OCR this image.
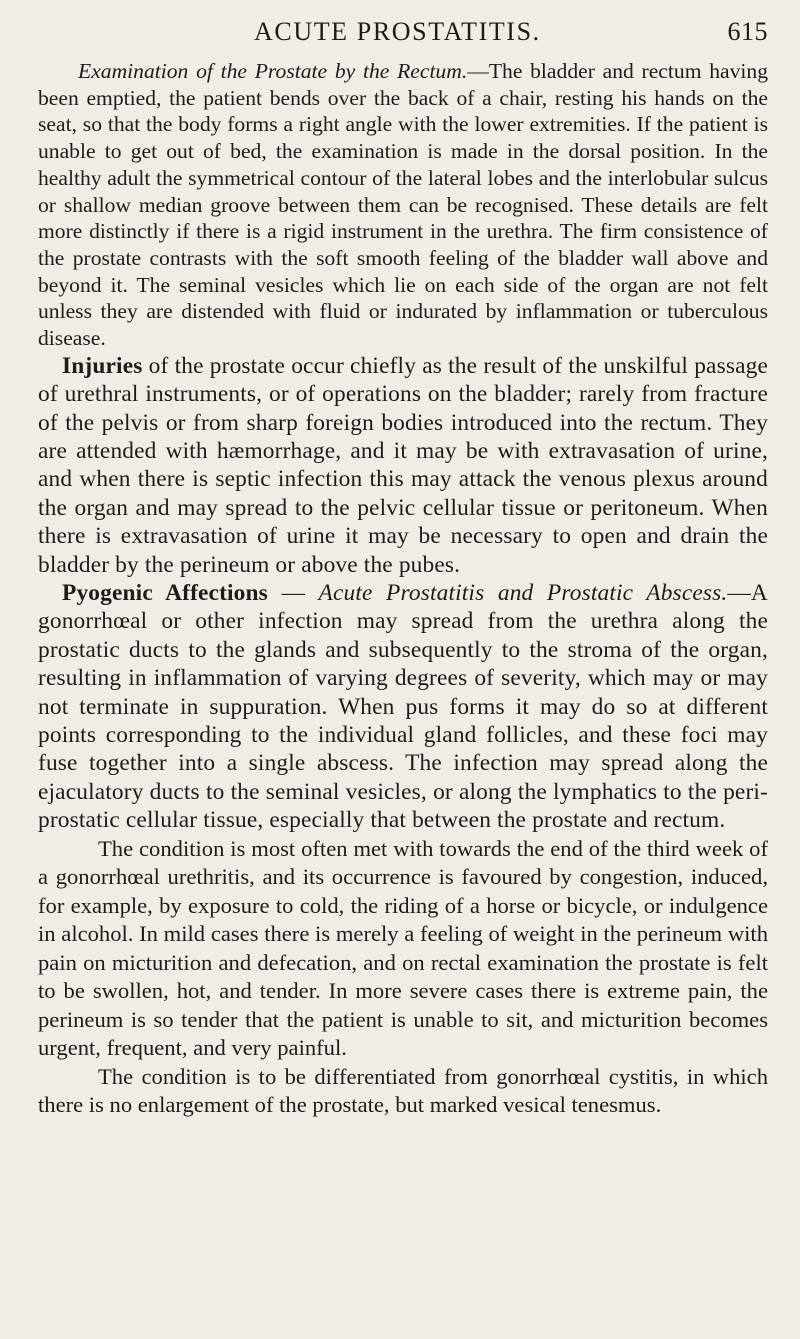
ACUTE PROSTATITIS.	615

Examination of the Prostate by the Rectum.—The bladder and rectum having been emptied, the patient bends over the back of a chair, resting his hands on the seat, so that the body forms a right angle with the lower extremities. If the patient is unable to get out of bed, the examination is made in the dorsal position. In the healthy adult the symmetrical contour of the lateral lobes and the interlobular sulcus or shallow median groove between them can be recognised. These details are felt more distinctly if there is a rigid instrument in the urethra. The firm consistence of the prostate contrasts with the soft smooth feeling of the bladder wall above and beyond it. The seminal vesicles which lie on each side of the organ are not felt unless they are distended with fluid or indurated by inflammation or tuberculous disease.

Injuries of the prostate occur chiefly as the result of the unskilful passage of urethral instruments, or of operations on the bladder; rarely from fracture of the pelvis or from sharp foreign bodies introduced into the rectum. They are attended with hæmorrhage, and it may be with extravasation of urine, and when there is septic infection this may attack the venous plexus around the organ and may spread to the pelvic cellular tissue or peritoneum. When there is extravasation of urine it may be necessary to open and drain the bladder by the perineum or above the pubes.

Pyogenic Affections — Acute Prostatitis and Prostatic Abscess.—A gonorrhœal or other infection may spread from the urethra along the prostatic ducts to the glands and subsequently to the stroma of the organ, resulting in inflammation of varying degrees of severity, which may or may not terminate in suppuration. When pus forms it may do so at different points corresponding to the individual gland follicles, and these foci may fuse together into a single abscess. The infection may spread along the ejaculatory ducts to the seminal vesicles, or along the lymphatics to the peri-prostatic cellular tissue, especially that between the prostate and rectum.

The condition is most often met with towards the end of the third week of a gonorrhœal urethritis, and its occurrence is favoured by congestion, induced, for example, by exposure to cold, the riding of a horse or bicycle, or indulgence in alcohol. In mild cases there is merely a feeling of weight in the perineum with pain on micturition and defecation, and on rectal examination the prostate is felt to be swollen, hot, and tender. In more severe cases there is extreme pain, the perineum is so tender that the patient is unable to sit, and micturition becomes urgent, frequent, and very painful.

The condition is to be differentiated from gonorrhœal cystitis, in which there is no enlargement of the prostate, but marked vesical tenesmus.
